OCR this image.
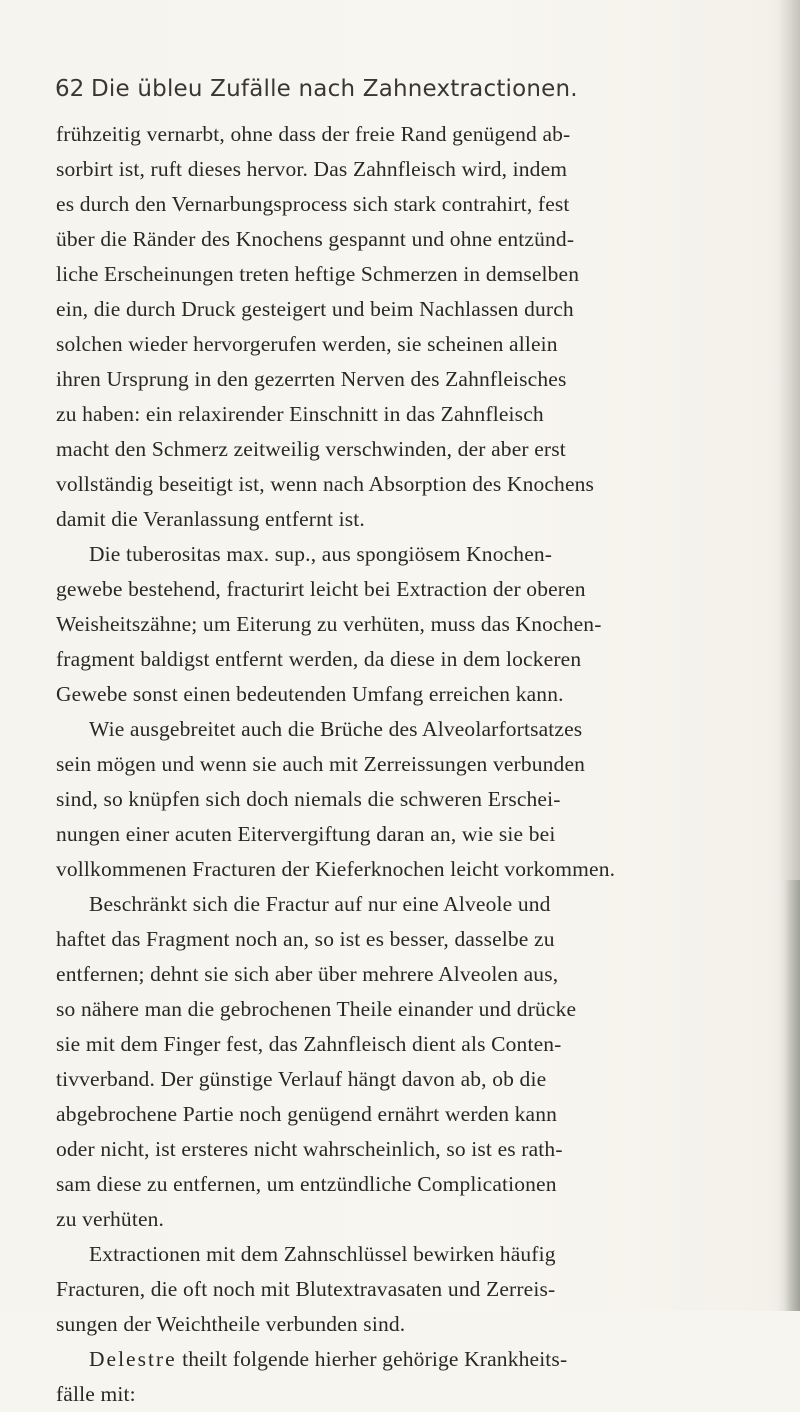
62 Die übleu Zufälle nach Zahnextractionen.
frühzeitig vernarbt, ohne dass der freie Rand genügend ab-
sorbirt ist, ruft dieses hervor. Das Zahnfleisch wird, indem
es durch den Vernarbungsprocess sich stark contrahirt, fest
über die Ränder des Knochens gespannt und ohne entzünd-
liche Erscheinungen treten heftige Schmerzen in demselben
ein, die durch Druck gesteigert und beim Nachlassen durch
solchen wieder hervorgerufen werden, sie scheinen allein
ihren Ursprung in den gezerrten Nerven des Zahnfleisches
zu haben: ein relaxirender Einschnitt in das Zahnfleisch
macht den Schmerz zeitweilig verschwinden, der aber erst
vollständig beseitigt ist, wenn nach Absorption des Knochens
damit die Veranlassung entfernt ist.
Die tuberositas max. sup., aus spongiösem Knochen-
gewebe bestehend, fracturirt leicht bei Extraction der oberen
Weisheitszähne; um Eiterung zu verhüten, muss das Knochen-
fragment baldigst entfernt werden, da diese in dem lockeren
Gewebe sonst einen bedeutenden Umfang erreichen kann.
Wie ausgebreitet auch die Brüche des Alveolarfortsatzes
sein mögen und wenn sie auch mit Zerreissungen verbunden
sind, so knüpfen sich doch niemals die schweren Erschei-
nungen einer acuten Eitervergiftung daran an, wie sie bei
vollkommenen Fracturen der Kieferknochen leicht vorkommen.
Beschränkt sich die Fractur auf nur eine Alveole und
haftet das Fragment noch an, so ist es besser, dasselbe zu
entfernen; dehnt sie sich aber über mehrere Alveolen aus,
so nähere man die gebrochenen Theile einander und drücke
sie mit dem Finger fest, das Zahnfleisch dient als Conten-
tivverband. Der günstige Verlauf hängt davon ab, ob die
abgebrochene Partie noch genügend ernährt werden kann
oder nicht, ist ersteres nicht wahrscheinlich, so ist es rath-
sam diese zu entfernen, um entzündliche Complicationen
zu verhüten.
Extractionen mit dem Zahnschlüssel bewirken häufig
Fracturen, die oft noch mit Blutextravasaten und Zerreis-
sungen der Weichtheile verbunden sind.
Delestre theilt folgende hierher gehörige Krankheits-
fälle mit:
